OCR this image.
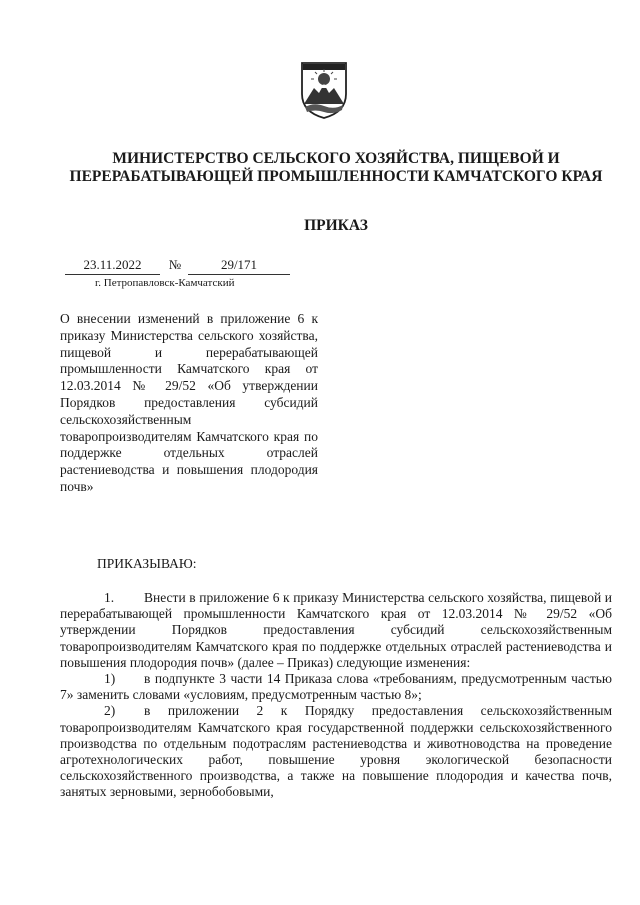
МИНИСТЕРСТВО СЕЛЬСКОГО ХОЗЯЙСТВА, ПИЩЕВОЙ И ПЕРЕРАБАТЫВАЮЩЕЙ ПРОМЫШЛЕННОСТИ КАМЧАТСКОГО КРАЯ
ПРИКАЗ
23.11.2022	№	29/171
г. Петропавловск-Камчатский
О внесении изменений в приложение 6 к приказу Министерства сельского хозяйства, пищевой и перерабатывающей промышленности Камчатского края от 12.03.2014 № 29/52 «Об утверждении Порядков предоставления субсидий сельскохозяйственным товаропроизводителям Камчатского края по поддержке отдельных отраслей растениеводства и повышения плодородия почв»
ПРИКАЗЫВАЮ:

1. Внести в приложение 6 к приказу Министерства сельского хозяйства, пищевой и перерабатывающей промышленности Камчатского края от 12.03.2014 № 29/52 «Об утверждении Порядков предоставления субсидий сельскохозяйственным товаропроизводителям Камчатского края по поддержке отдельных отраслей растениеводства и повышения плодородия почв» (далее – Приказ) следующие изменения:

1) в подпункте 3 части 14 Приказа слова «требованиям, предусмотренным частью 7» заменить словами «условиям, предусмотренным частью 8»;

2) в приложении 2 к Порядку предоставления сельскохозяйственным товаропроизводителям Камчатского края государственной поддержки сельскохозяйственного производства по отдельным подотраслям растениеводства и животноводства на проведение агротехнологических работ, повышение уровня экологической безопасности сельскохозяйственного производства, а также на повышение плодородия и качества почв, занятых зерновыми, зернобобовыми,
